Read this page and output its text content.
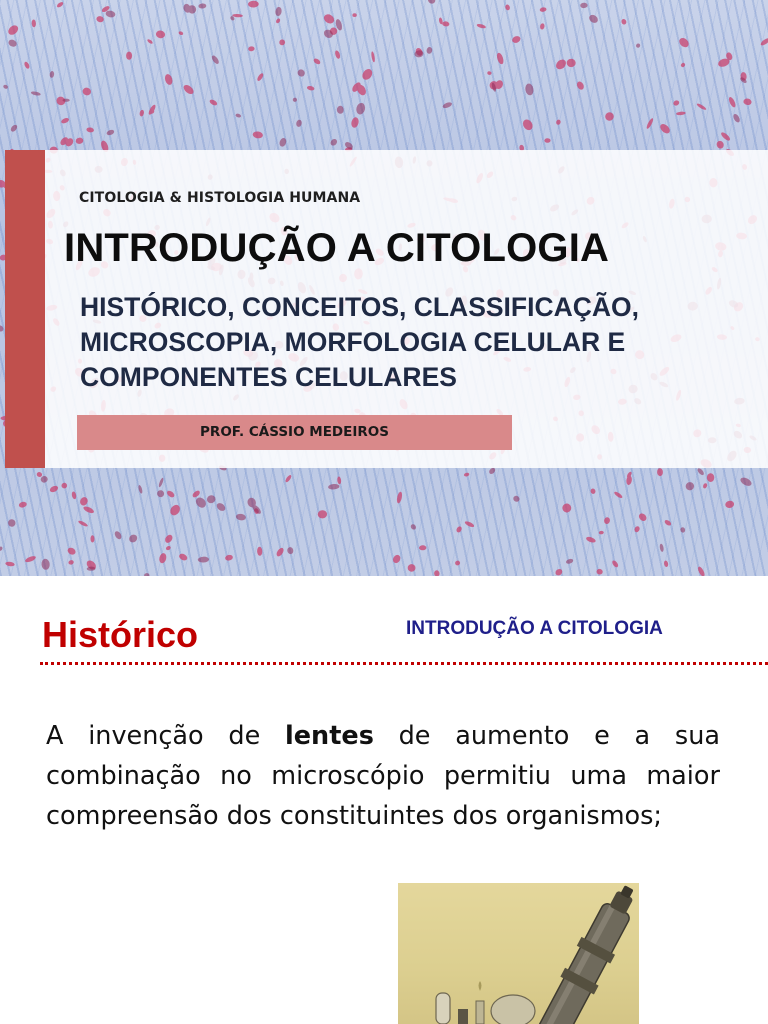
CITOLOGIA & HISTOLOGIA HUMANA
INTRODUÇÃO A CITOLOGIA
HISTÓRICO, CONCEITOS, CLASSIFICAÇÃO,
MICROSCOPIA, MORFOLOGIA CELULAR E
COMPONENTES CELULARES
PROF. CÁSSIO MEDEIROS
Histórico	INTRODUÇÃO A CITOLOGIA
A invenção de lentes de aumento e a sua
combinação no microscópio permitiu uma maior
compreensão dos constituintes dos organismos;
